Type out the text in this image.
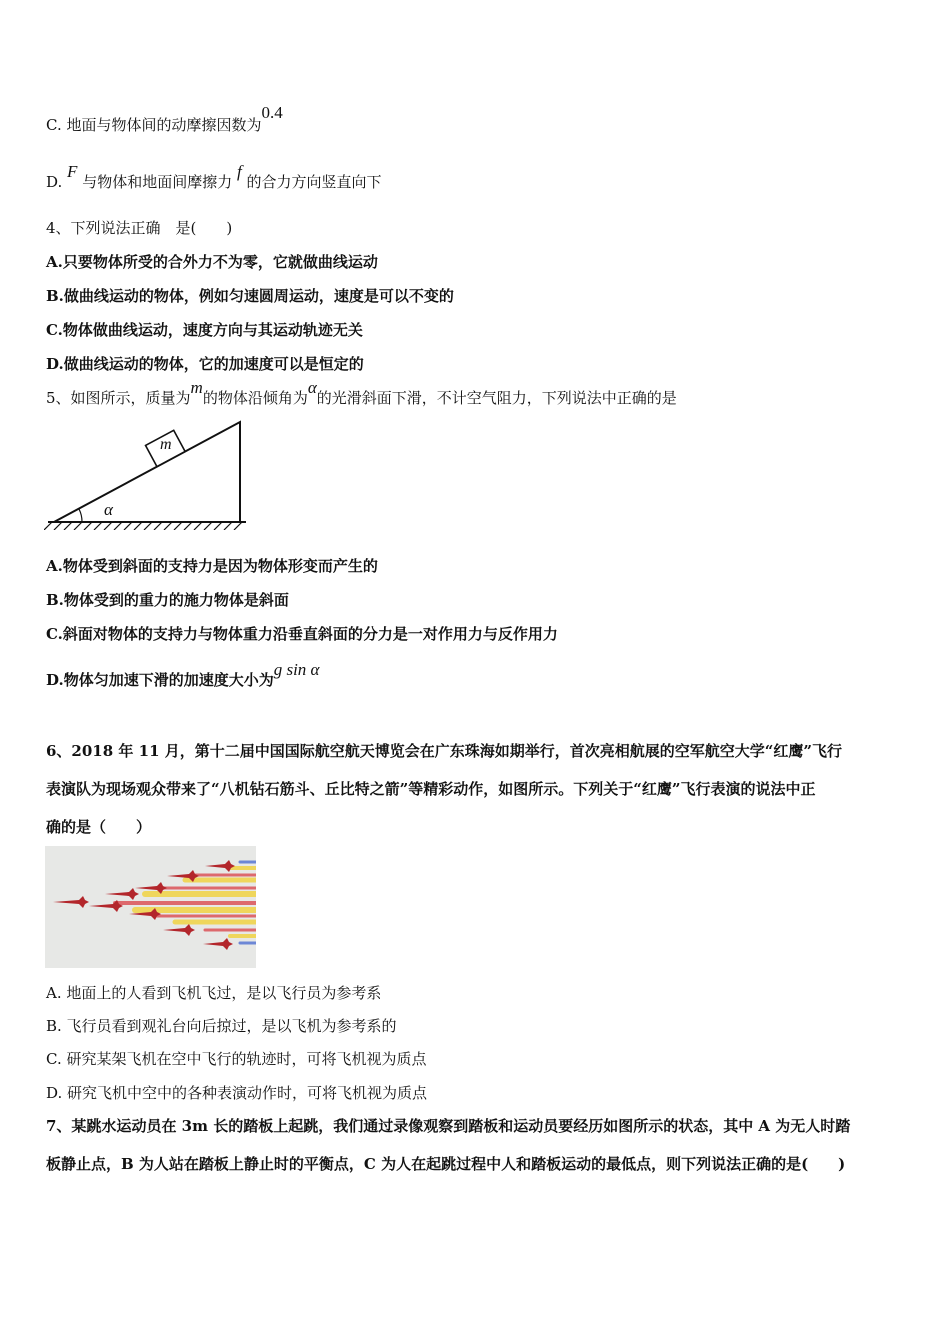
C. 地面与物体间的动摩擦因数为0.4
D. F 与物体和地面间摩擦力 f 的合力方向竖直向下
4、下列说法正确　是(　　)
A.只要物体所受的合外力不为零，它就做曲线运动
B.做曲线运动的物体，例如匀速圆周运动，速度是可以不变的
C.物体做曲线运动，速度方向与其运动轨迹无关
D.做曲线运动的物体，它的加速度可以是恒定的
5、如图所示，质量为m的物体沿倾角为α的光滑斜面下滑，不计空气阻力，下列说法中正确的是
m
α
A.物体受到斜面的支持力是因为物体形变而产生的
B.物体受到的重力的施力物体是斜面
C.斜面对物体的支持力与物体重力沿垂直斜面的分力是一对作用力与反作用力
D.物体匀加速下滑的加速度大小为g sin α
6、2018 年 11 月，第十二届中国国际航空航天博览会在广东珠海如期举行，首次亮相航展的空军航空大学“红鹰”飞行
表演队为现场观众带来了“八机钻石筋斗、丘比特之箭”等精彩动作，如图所示。下列关于“红鹰”飞行表演的说法中正
确的是（　　）
A. 地面上的人看到飞机飞过，是以飞行员为参考系
B. 飞行员看到观礼台向后掠过，是以飞机为参考系的
C. 研究某架飞机在空中飞行的轨迹时，可将飞机视为质点
D. 研究飞机中空中的各种表演动作时，可将飞机视为质点
7、某跳水运动员在 3m 长的踏板上起跳，我们通过录像观察到踏板和运动员要经历如图所示的状态，其中 A 为无人时踏
板静止点，B 为人站在踏板上静止时的平衡点，C 为人在起跳过程中人和踏板运动的最低点，则下列说法正确的是(　　)
